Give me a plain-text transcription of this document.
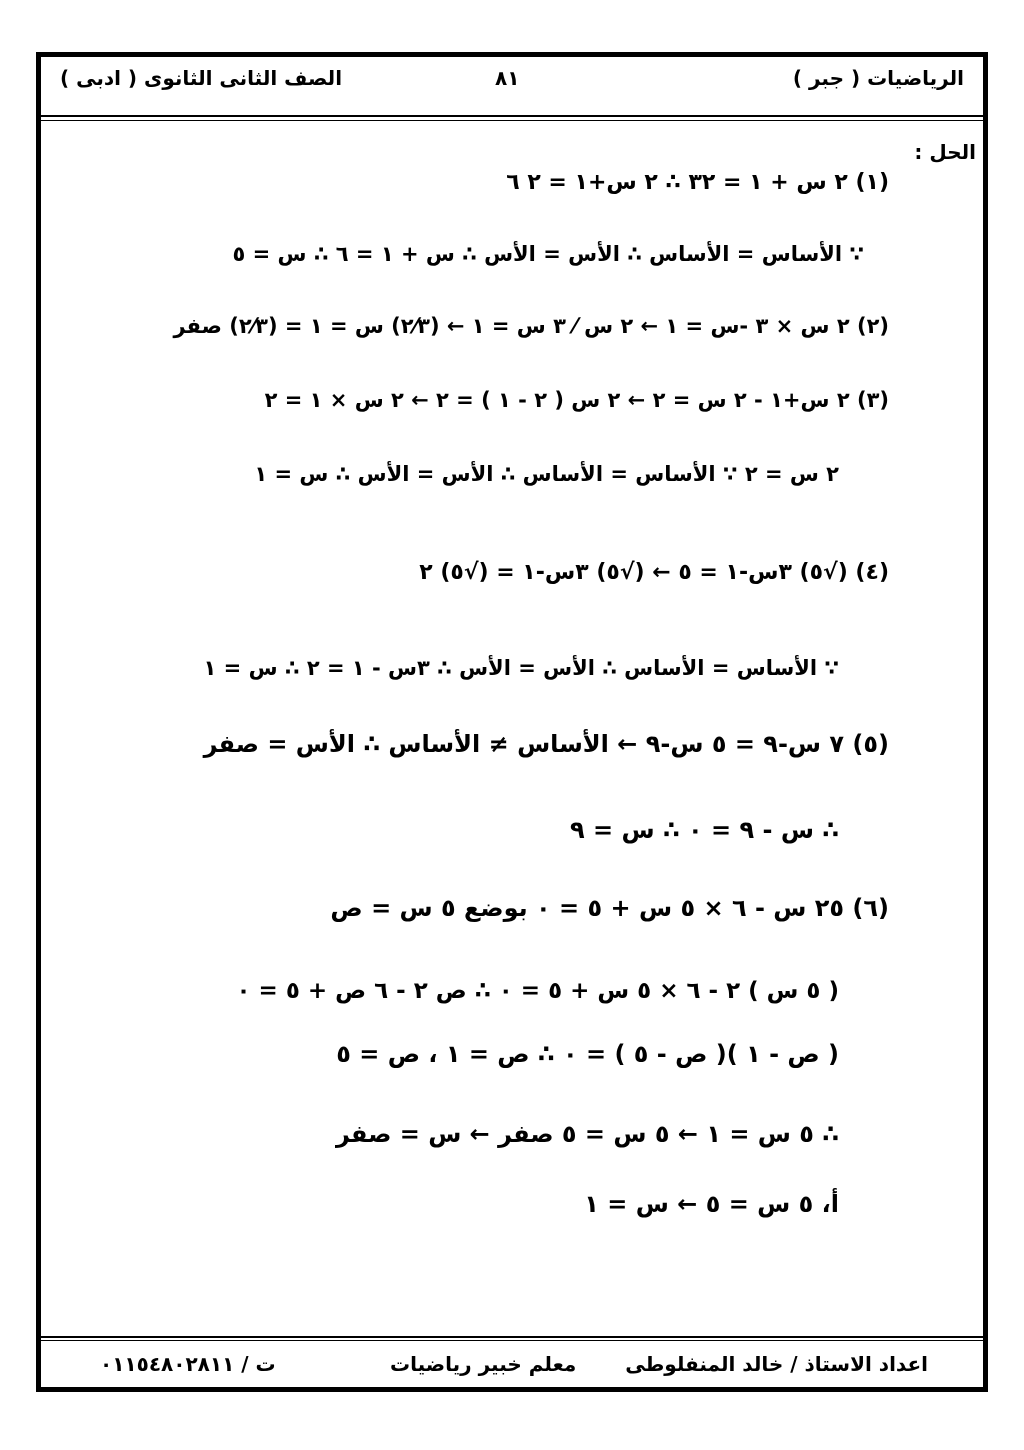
الرياضيات ( جبر )
٨١
الصف الثانى الثانوى ( ادبى )
الحل :
(١) ٢ س + ١ = ٣٢ ∴ ٢ س+١ = ٢ ٦
∵ الأساس = الأساس ∴ الأس = الأس ∴ س + ١ = ٦ ∴ س = ٥
(٢) ٢ س × ٣ -س = ١ ← ٢ س ⁄ ٣ س = ١ ← (٢⁄٣) س = ١ = (٢⁄٣) صفر
(٣) ٢ س+١ - ٢ س = ٢ ← ٢ س ( ٢ - ١ ) = ٢ ← ٢ س × ١ = ٢
٢ س = ٢ ∵ الأساس = الأساس ∴ الأس = الأس ∴ س = ١
(٤) (√٥) ٣س-١ = ٥ ← (√٥) ٣س-١ = (√٥) ٢
∵ الأساس = الأساس ∴ الأس = الأس ∴ ٣س - ١ = ٢ ∴ س = ١
(٥) ٧ س-٩ = ٥ س-٩ ← الأساس ≠ الأساس ∴ الأس = صفر
∴ س - ٩ = ٠ ∴ س = ٩
(٦) ٢٥ س - ٦ × ٥ س + ٥ = ٠ بوضع ٥ س = ص
( ٥ س ) ٢ - ٦ × ٥ س + ٥ = ٠ ∴ ص ٢ - ٦ ص + ٥ = ٠
( ص - ١ )( ص - ٥ ) = ٠ ∴ ص = ١ ، ص = ٥
∴ ٥ س = ١ ← ٥ س = ٥ صفر ← س = صفر
أ، ٥ س = ٥ ← س = ١
اعداد الاستاذ / خالد المنفلوطى
معلم خبير رياضيات
ت / ٠١١٥٤٨٠٢٨١١
